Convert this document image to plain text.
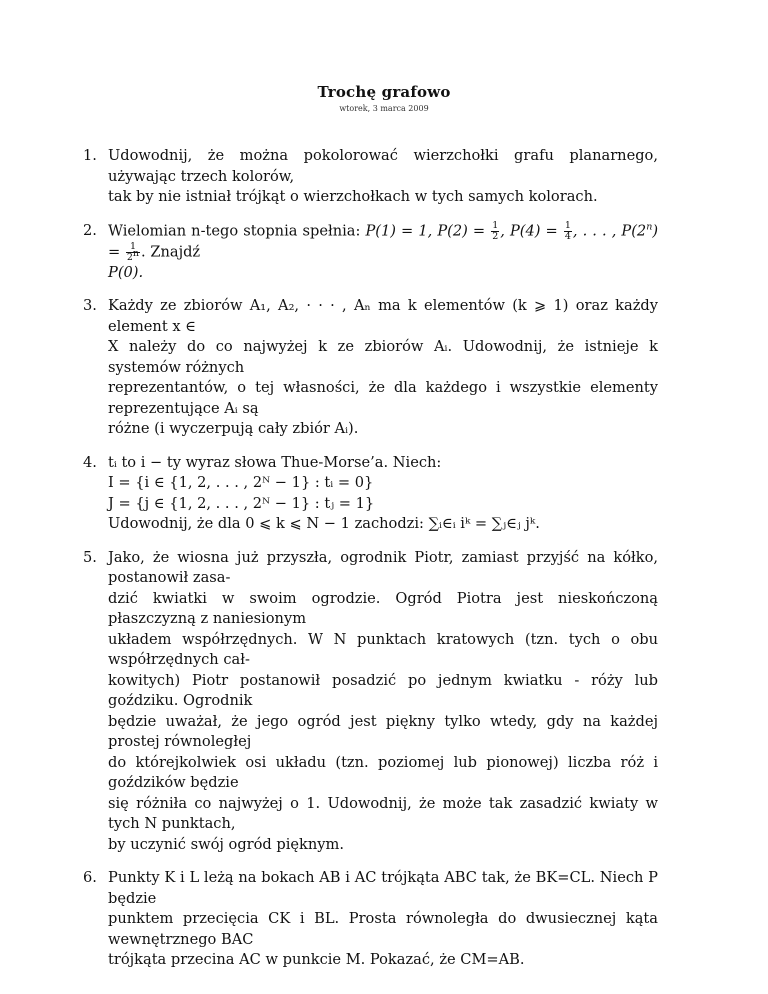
Trochę grafowo
wtorek, 3 marca 2009
1. Udowodnij, że można pokolorować wierzchołki grafu planarnego, używając trzech kolorów,
tak by nie istniał trójkąt o wierzchołkach w tych samych kolorach.
2. Wielomian n-tego stopnia spełnia: P(1) = 1, $P(2) = \frac{1}{2}$ , $P(4) = \frac{1}{4}$ , . . . , $P(2^n) = \frac{1}{2^n}$ . Znajdź
P(0).
3. Każdy ze zbiorów A₁, A₂, · · · , Aₙ ma k elementów (k ⩾ 1) oraz każdy element x ∈
X należy do co najwyżej k ze zbiorów Aᵢ. Udowodnij, że istnieje k systemów różnych
reprezentantów, o tej własności, że dla każdego i wszystkie elementy reprezentujące Aᵢ są
różne (i wyczerpują cały zbiór Aᵢ).
4. tᵢ to i − ty wyraz słowa Thue-Morse’a. Niech:
I = {i ∈ {1, 2, . . . , 2ᴺ − 1} : tᵢ = 0}
J = {j ∈ {1, 2, . . . , 2ᴺ − 1} : tⱼ = 1}
Udowodnij, że dla 0 ⩽ k ⩽ N − 1 zachodzi: ∑ᵢ∈ᵢ iᵏ = ∑ⱼ∈ⱼ jᵏ.
5. Jako, że wiosna już przyszła, ogrodnik Piotr, zamiast przyjść na kółko, postanowił zasa-
dzić kwiatki w swoim ogrodzie. Ogród Piotra jest nieskończoną płaszczyzną z naniesionym
układem współrzędnych. W N punktach kratowych (tzn. tych o obu współrzędnych cał-
kowitych) Piotr postanowił posadzić po jednym kwiatku - róży lub goździku. Ogrodnik
będzie uważał, że jego ogród jest piękny tylko wtedy, gdy na każdej prostej równoległej
do którejkolwiek osi układu (tzn. poziomej lub pionowej) liczba róż i goździków będzie
się różniła co najwyżej o 1. Udowodnij, że może tak zasadzić kwiaty w tych N punktach,
by uczynić swój ogród pięknym.
6. Punkty K i L leżą na bokach AB i AC trójkąta ABC tak, że BK=CL. Niech P będzie
punktem przecięcia CK i BL. Prosta równoległa do dwusiecznej kąta wewnętrznego BAC
trójkąta przecina AC w punkcie M. Pokazać, że CM=AB.
